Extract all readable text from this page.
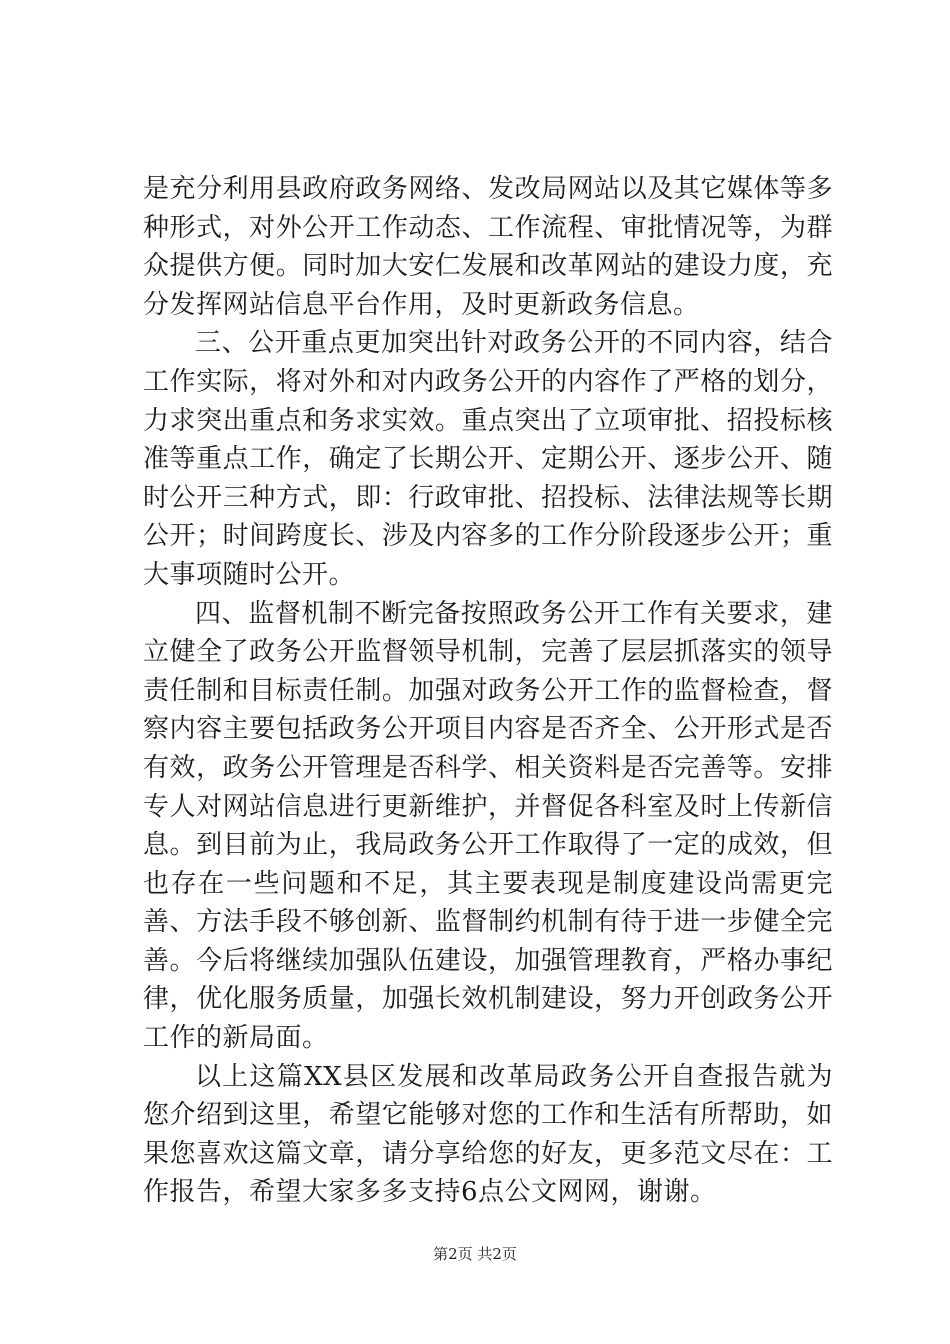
是充分利用县政府政务网络、发改局网站以及其它媒体等多种形式，对外公开工作动态、工作流程、审批情况等，为群众提供方便。同时加大安仁发展和改革网站的建设力度，充分发挥网站信息平台作用，及时更新政务信息。

三、公开重点更加突出针对政务公开的不同内容，结合工作实际，将对外和对内政务公开的内容作了严格的划分，力求突出重点和务求实效。重点突出了立项审批、招投标核准等重点工作，确定了长期公开、定期公开、逐步公开、随时公开三种方式，即：行政审批、招投标、法律法规等长期公开；时间跨度长、涉及内容多的工作分阶段逐步公开；重大事项随时公开。

四、监督机制不断完备按照政务公开工作有关要求，建立健全了政务公开监督领导机制，完善了层层抓落实的领导责任制和目标责任制。加强对政务公开工作的监督检查，督察内容主要包括政务公开项目内容是否齐全、公开形式是否有效，政务公开管理是否科学、相关资料是否完善等。安排专人对网站信息进行更新维护，并督促各科室及时上传新信息。到目前为止，我局政务公开工作取得了一定的成效，但也存在一些问题和不足，其主要表现是制度建设尚需更完善、方法手段不够创新、监督制约机制有待于进一步健全完善。今后将继续加强队伍建设，加强管理教育，严格办事纪律，优化服务质量，加强长效机制建设，努力开创政务公开工作的新局面。

以上这篇XX县区发展和改革局政务公开自查报告就为您介绍到这里，希望它能够对您的工作和生活有所帮助，如果您喜欢这篇文章，请分享给您的好友，更多范文尽在：工作报告，希望大家多多支持6点公文网网，谢谢。

第2页 共2页
